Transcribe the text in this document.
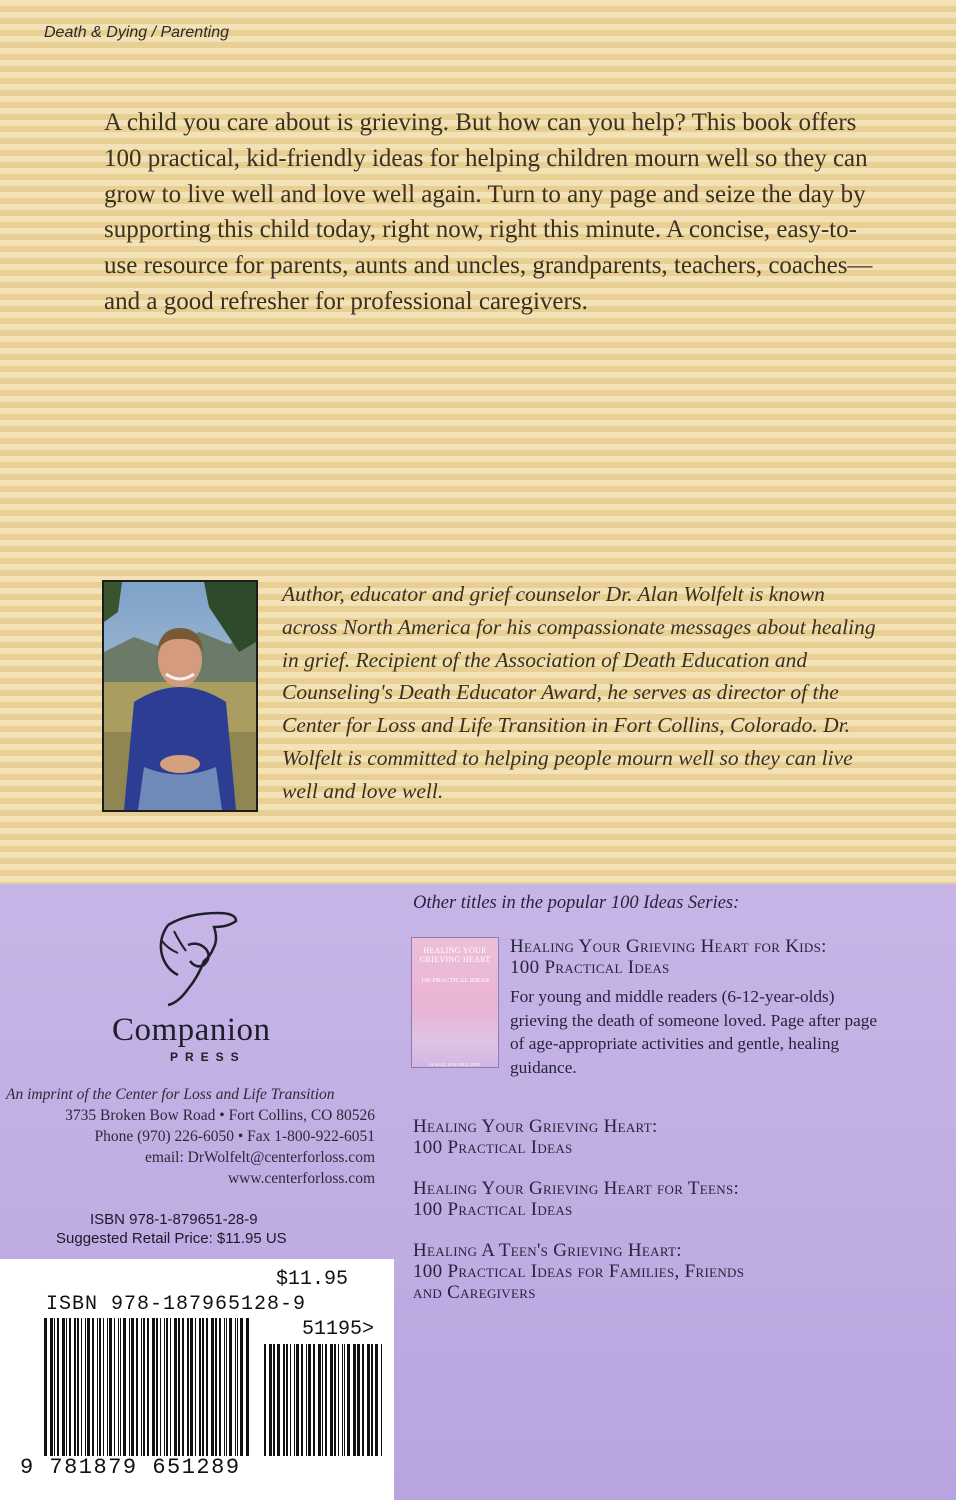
Death & Dying / Parenting
A child you care about is grieving. But how can you help? This book offers 100 practical, kid-friendly ideas for helping children mourn well so they can grow to live well and love well again. Turn to any page and seize the day by supporting this child today, right now, right this minute. A concise, easy-to-use resource for parents, aunts and uncles, grandparents, teachers, coaches—and a good refresher for professional caregivers.
Author, educator and grief counselor Dr. Alan Wolfelt is known across North America for his compassionate messages about healing in grief. Recipient of the Association of Death Education and Counseling's Death Educator Award, he serves as director of the Center for Loss and Life Transition in Fort Collins, Colorado. Dr. Wolfelt is committed to helping people mourn well so they can live well and love well.
Companion
PRESS
An imprint of the Center for Loss and Life Transition
3735 Broken Bow Road • Fort Collins, CO 80526
Phone (970) 226-6050 • Fax 1-800-922-6051
email: DrWolfelt@centerforloss.com
www.centerforloss.com
ISBN 978-1-879651-28-9
Suggested Retail Price: $11.95 US
$11.95
ISBN 978-187965128-9
51195>
9 781879 651289
Other titles in the popular 100 Ideas Series:
HEALING YOUR GRIEVING HEART
100 PRACTICAL IDEAS
ALAN D. WOLFELT, PH.D.
Healing Your Grieving Heart for Kids:
100 Practical Ideas
For young and middle readers (6-12-year-olds) grieving the death of someone loved. Page after page of age-appropriate activities and gentle, healing guidance.
Healing Your Grieving Heart:
100 Practical Ideas
Healing Your Grieving Heart for Teens:
100 Practical Ideas
Healing A Teen's Grieving Heart:
100 Practical Ideas for Families, Friends
and Caregivers
